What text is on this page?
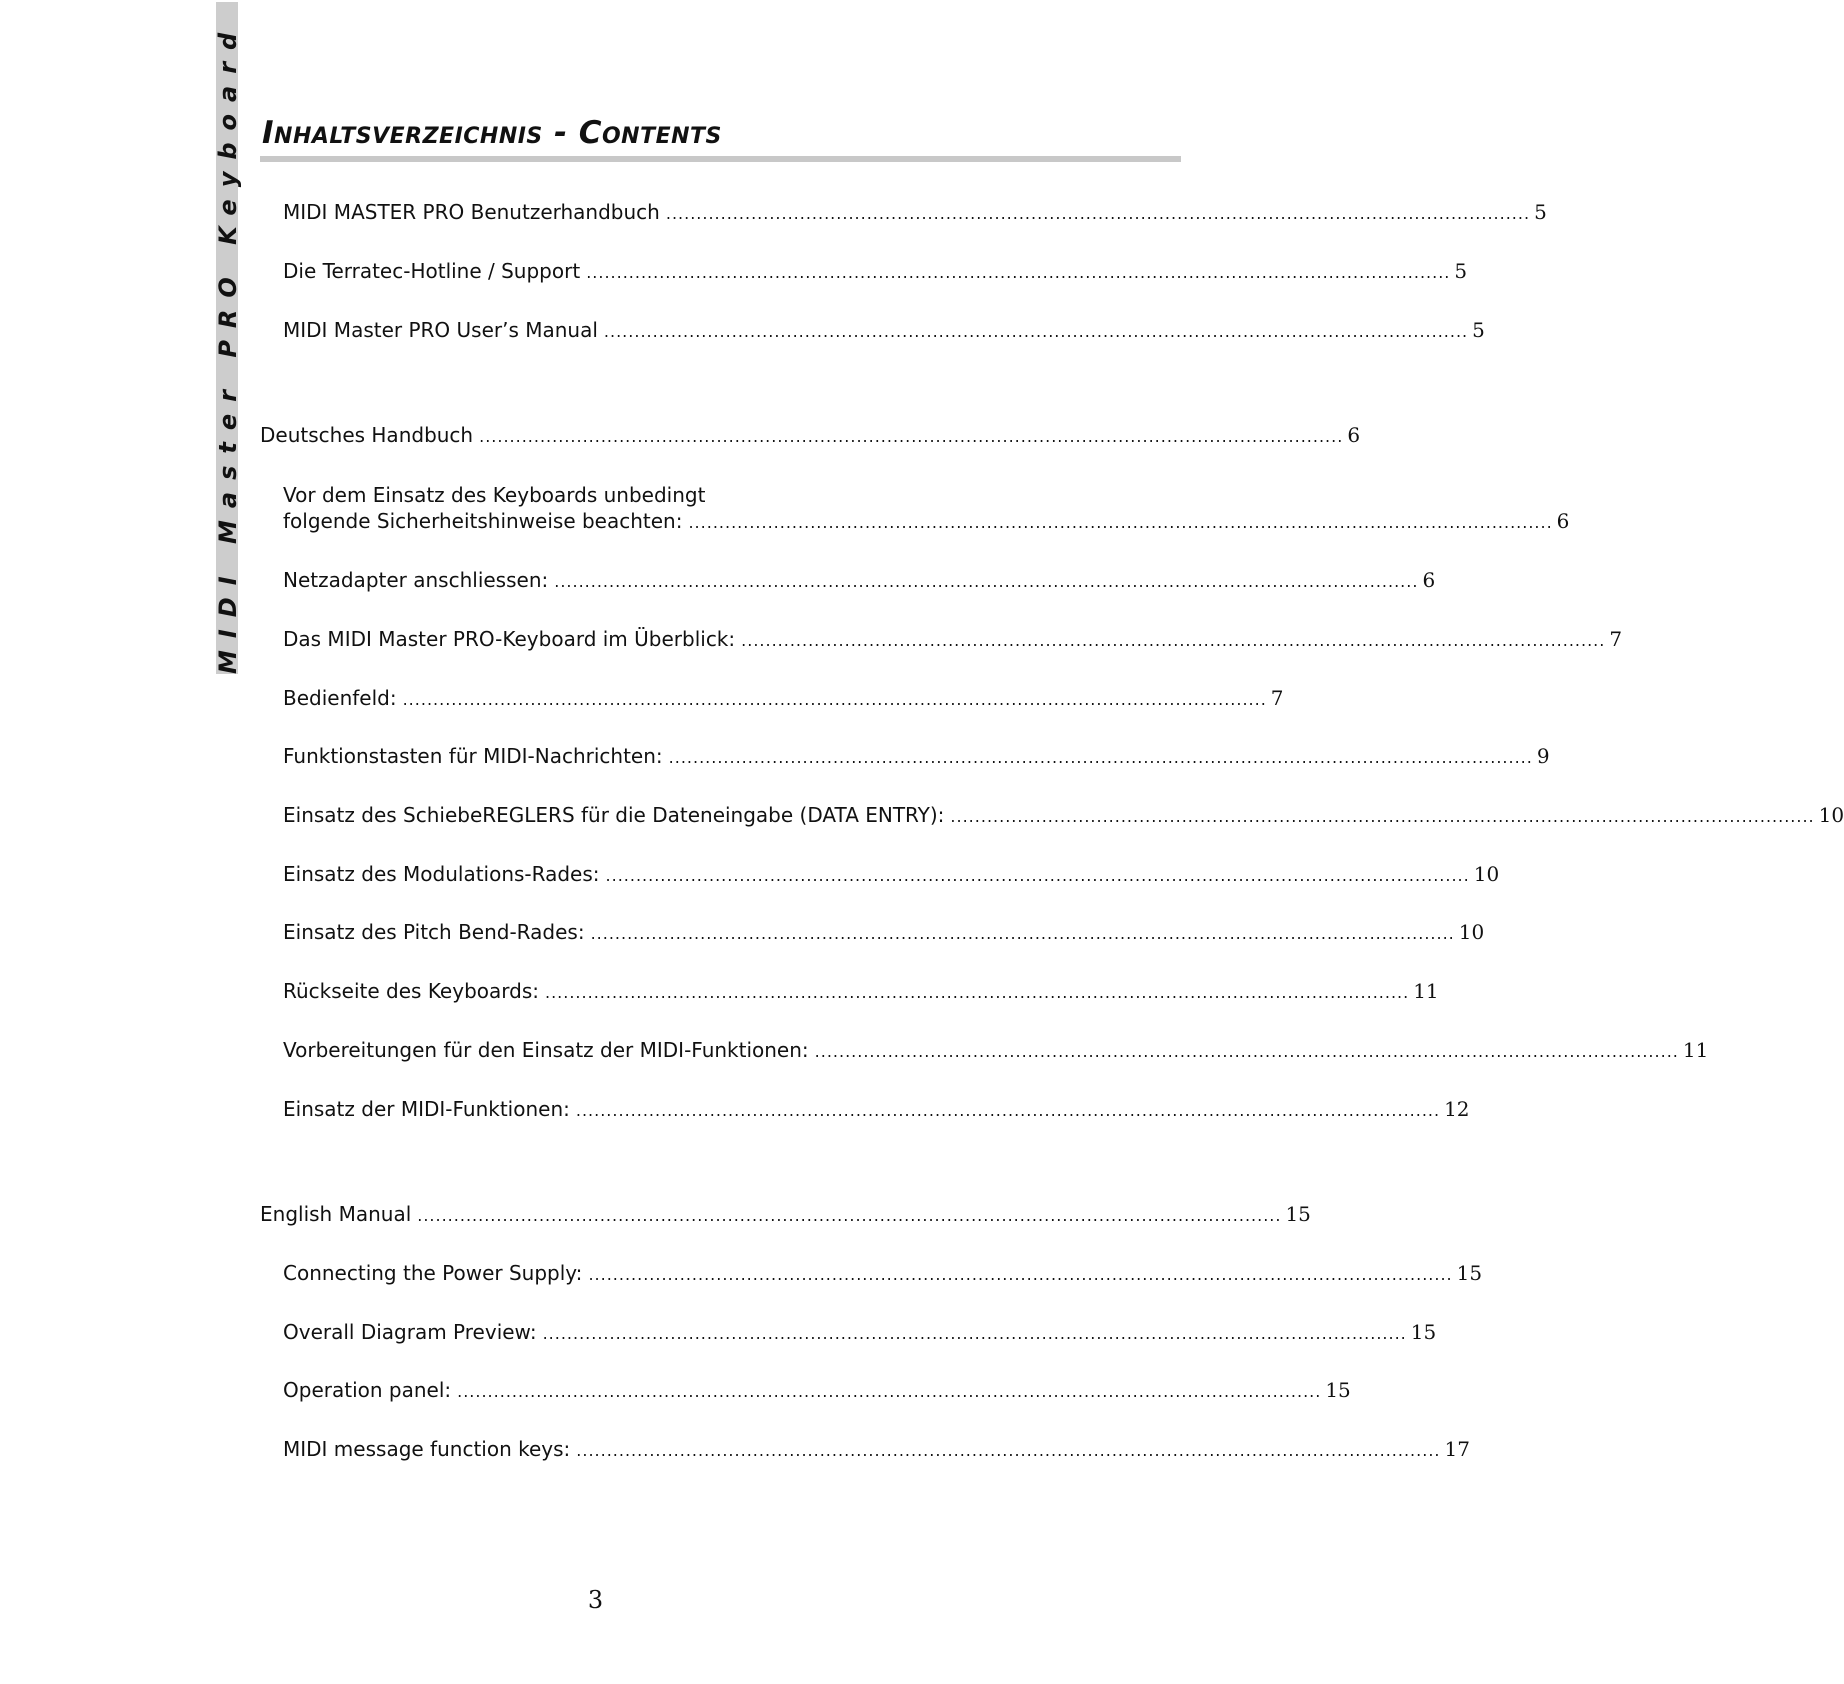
MIDI Master PRO Keyboard Inhaltsverzeichnis - Contents
MIDI MASTER PRO Benutzerhandbuch .............................................................................................................................................. 5
Die Terratec-Hotline / Support .............................................................................................................................................. 5
MIDI Master PRO User’s Manual .............................................................................................................................................. 5
Deutsches Handbuch .............................................................................................................................................. 6
Vor dem Einsatz des Keyboards unbedingt
folgende Sicherheitshinweise beachten: .............................................................................................................................................. 6
Netzadapter anschliessen: .............................................................................................................................................. 6
Das MIDI Master PRO-Keyboard im Überblick: .............................................................................................................................................. 7
Bedienfeld: .............................................................................................................................................. 7
Funktionstasten für MIDI-Nachrichten: .............................................................................................................................................. 9
Einsatz des SchiebeREGLERS für die Dateneingabe (DATA ENTRY): .............................................................................................................................................. 10
Einsatz des Modulations-Rades: .............................................................................................................................................. 10
Einsatz des Pitch Bend-Rades: .............................................................................................................................................. 10
Rückseite des Keyboards: .............................................................................................................................................. 11
Vorbereitungen für den Einsatz der MIDI-Funktionen: .............................................................................................................................................. 11
Einsatz der MIDI-Funktionen: .............................................................................................................................................. 12
English Manual .............................................................................................................................................. 15
Connecting the Power Supply: .............................................................................................................................................. 15
Overall Diagram Preview: .............................................................................................................................................. 15
Operation panel: .............................................................................................................................................. 15
MIDI message function keys: .............................................................................................................................................. 17
3
